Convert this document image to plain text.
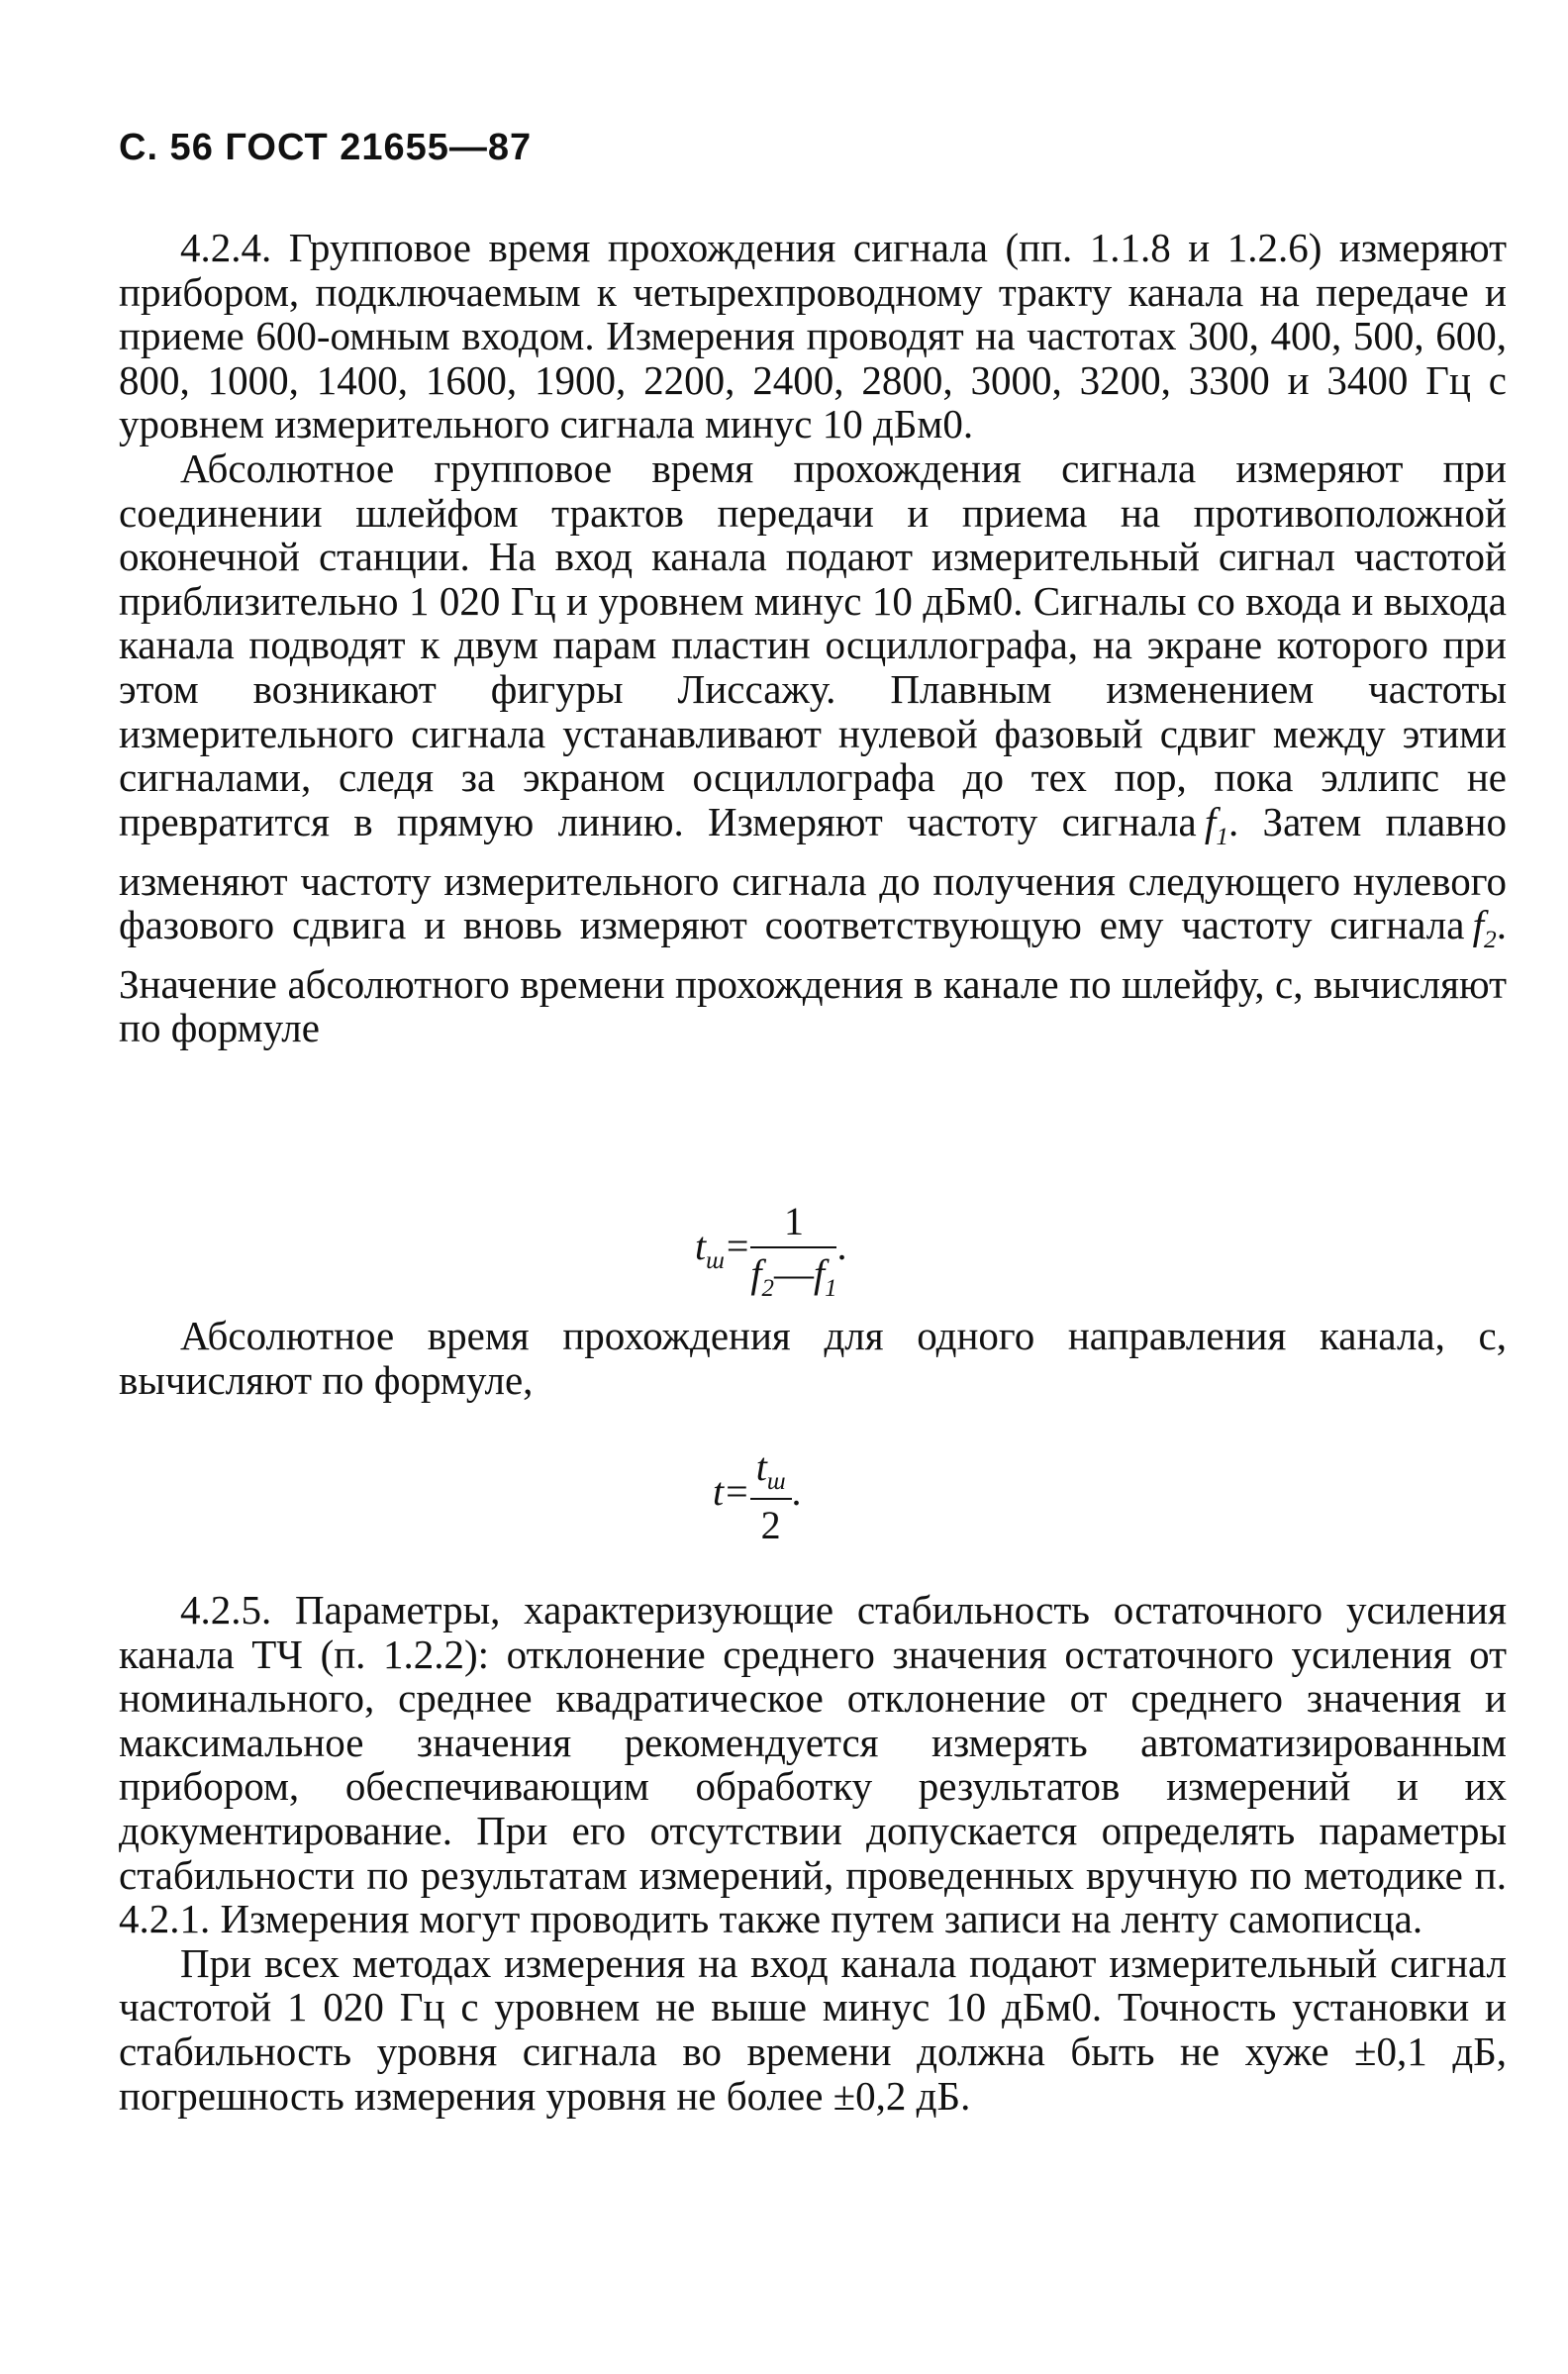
С. 56 ГОСТ 21655—87

4.2.4. Групповое время прохождения сигнала (пп. 1.1.8 и 1.2.6) измеряют прибором, подключаемым к четырехпроводному тракту канала на передаче и приеме 600-омным входом. Измерения проводят на частотах 300, 400, 500, 600, 800, 1000, 1400, 1600, 1900, 2200, 2400, 2800, 3000, 3200, 3300 и 3400 Гц с уровнем измерительного сигнала минус 10 дБм0.

Абсолютное групповое время прохождения сигнала измеряют при соединении шлейфом трактов передачи и приема на противоположной оконечной станции. На вход канала подают измерительный сигнал частотой приблизительно 1 020 Гц и уровнем минус 10 дБм0. Сигналы со входа и выхода канала подводят к двум парам пластин осциллографа, на экране которого при этом возникают фигуры Лиссажу. Плавным изменением частоты измерительного сигнала устанавливают нулевой фазовый сдвиг между этими сигналами, следя за экраном осциллографа до тех пор, пока эллипс не превратится в прямую линию. Измеряют частоту сигнала  $f_1$. Затем плавно изменяют частоту измерительного сигнала до получения следующего нулевого фазового сдвига и вновь измеряют соответствующую ему частоту сигнала  $f_2$. Значение абсолютного времени прохождения в канале по шлейфу, с, вычисляют по формуле

$t_ш= \frac{1}{f_2—f_1}$ .

Абсолютное время прохождения для одного направления канала, с, вычисляют по формуле,

$t= \frac{t_ш}{2}$ .

4.2.5. Параметры, характеризующие стабильность остаточного усиления канала ТЧ (п. 1.2.2): отклонение среднего значения остаточного усиления от номинального, среднее квадратическое отклонение от среднего значения и максимальное значения рекомендуется измерять автоматизированным прибором, обеспечивающим обработку результатов измерений и их документирование. При его отсутствии допускается определять параметры стабильности по результатам измерений, проведенных вручную по методике п. 4.2.1. Измерения могут проводить также путем записи на ленту самописца.

При всех методах измерения на вход канала подают измерительный сигнал частотой 1 020 Гц с уровнем не выше минус 10 дБм0. Точность установки и стабильность уровня сигнала во времени должна быть не хуже ±0,1 дБ, погрешность измерения уровня не более ±0,2 дБ.
